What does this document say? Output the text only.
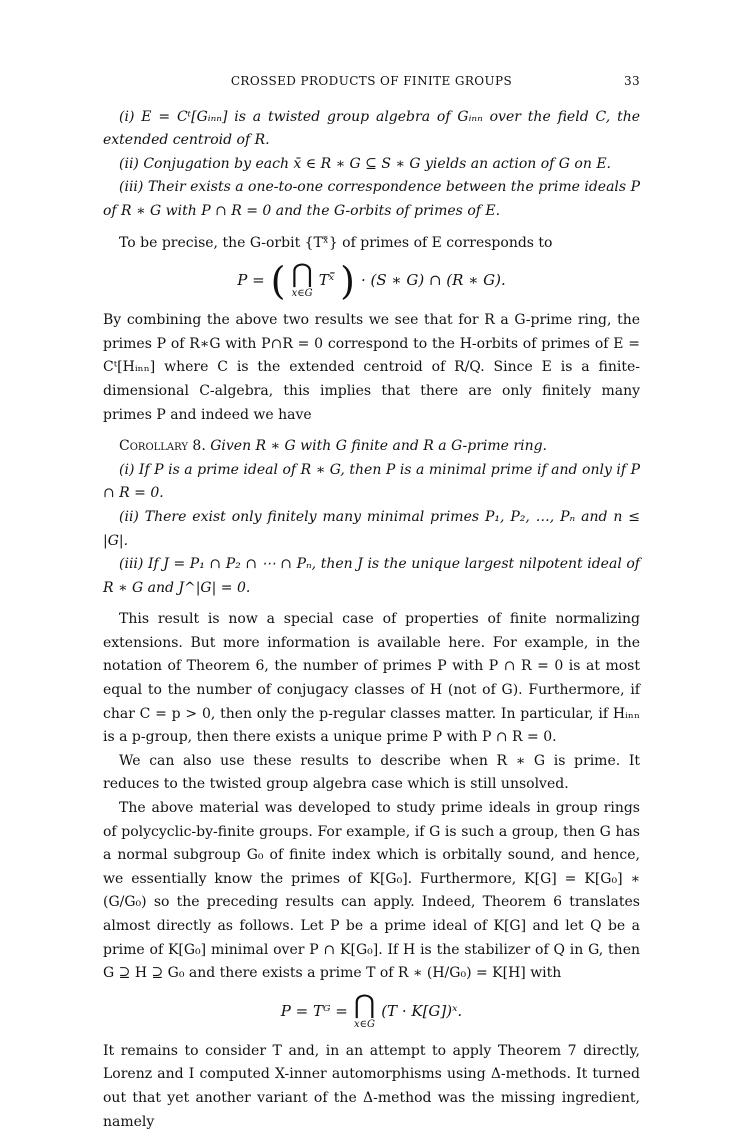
CROSSED PRODUCTS OF FINITE GROUPS	33

(i) E = Cᵗ[Gᵢₙₙ] is a twisted group algebra of Gᵢₙₙ over the field C, the extended centroid of R.

(ii) Conjugation by each x̄ ∈ R ∗ G ⊆ S ∗ G yields an action of G on E.

(iii) Their exists a one-to-one correspondence between the prime ideals P of R ∗ G with P ∩ R = 0 and the G-orbits of primes of E.

To be precise, the G-orbit {Tˣ̄} of primes of E corresponds to

P = ( ⋂
x∈G
Tˣ̄ ) · (S ∗ G) ∩ (R ∗ G).

By combining the above two results we see that for R a G-prime ring, the primes P of R∗G with P∩R = 0 correspond to the H-orbits of primes of E = Cᵗ[Hᵢₙₙ] where C is the extended centroid of R/Q. Since E is a finite-dimensional C-algebra, this implies that there are only finitely many primes P and indeed we have

Corollary 8. Given R ∗ G with G finite and R a G-prime ring.

(i) If P is a prime ideal of R ∗ G, then P is a minimal prime if and only if P ∩ R = 0.

(ii) There exist only finitely many minimal primes P₁, P₂, …, Pₙ and n ≤ |G|.

(iii) If J = P₁ ∩ P₂ ∩ ⋯ ∩ Pₙ, then J is the unique largest nilpotent ideal of R ∗ G and J^|G| = 0.

This result is now a special case of properties of finite normalizing extensions. But more information is available here. For example, in the notation of Theorem 6, the number of primes P with P ∩ R = 0 is at most equal to the number of conjugacy classes of H (not of G). Furthermore, if char C = p > 0, then only the p-regular classes matter. In particular, if Hᵢₙₙ is a p-group, then there exists a unique prime P with P ∩ R = 0.

We can also use these results to describe when R ∗ G is prime. It reduces to the twisted group algebra case which is still unsolved.

The above material was developed to study prime ideals in group rings of polycyclic-by-finite groups. For example, if G is such a group, then G has a normal subgroup G₀ of finite index which is orbitally sound, and hence, we essentially know the primes of K[G₀]. Furthermore, K[G] = K[G₀] ∗ (G/G₀) so the preceding results can apply. Indeed, Theorem 6 translates almost directly as follows. Let P be a prime ideal of K[G] and let Q be a prime of K[G₀] minimal over P ∩ K[G₀]. If H is the stabilizer of Q in G, then G ⊇ H ⊇ G₀ and there exists a prime T of R ∗ (H/G₀) = K[H] with

P = Tᴳ = ⋂
x∈G
(T · K[G])ˣ.

It remains to consider T and, in an attempt to apply Theorem 7 directly, Lorenz and I computed X-inner automorphisms using Δ-methods. It turned out that yet another variant of the Δ-method was the missing ingredient, namely
